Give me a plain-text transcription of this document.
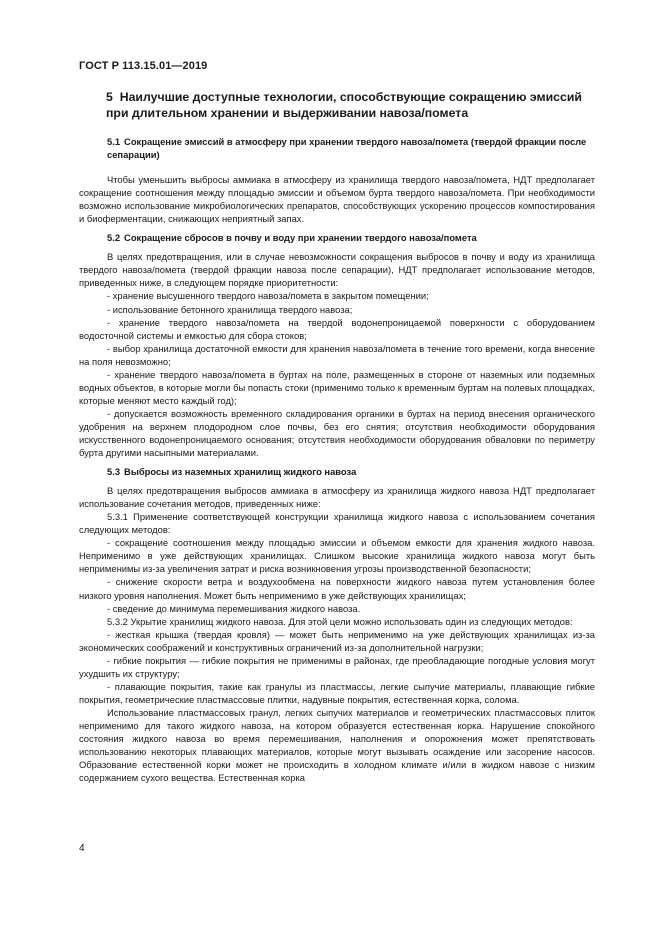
ГОСТ Р 113.15.01—2019
5 Наилучшие доступные технологии, способствующие сокращению эмиссий при длительном хранении и выдерживании навоза/помета
5.1 Сокращение эмиссий в атмосферу при хранении твердого навоза/помета (твердой фракции после сепарации)

Чтобы уменьшить выбросы аммиака в атмосферу из хранилища твердого навоза/помета, НДТ предполагает сокращение соотношения между площадью эмиссии и объемом бурта твердого навоза/помета. При необходимости возможно использование микробиологических препаратов, способствующих ускорению процессов компостирования и биоферментации, снижающих неприятный запах.

5.2 Сокращение сбросов в почву и воду при хранении твердого навоза/помета

В целях предотвращения, или в случае невозможности сокращения выбросов в почву и воду из хранилища твердого навоза/помета (твердой фракции навоза после сепарации), НДТ предполагает использование методов, приведенных ниже, в следующем порядке приоритетности:

- хранение высушенного твердого навоза/помета в закрытом помещении;

- использование бетонного хранилища твердого навоза;

- хранение твердого навоза/помета на твердой водонепроницаемой поверхности с оборудованием водосточной системы и емкостью для сбора стоков;

- выбор хранилища достаточной емкости для хранения навоза/помета в течение того времени, когда внесение на поля невозможно;

- хранение твердого навоза/помета в буртах на поле, размещенных в стороне от наземных или подземных водных объектов, в которые могли бы попасть стоки (применимо только к временным буртам на полевых площадках, которые меняют место каждый год);

- допускается возможность временного складирования органики в буртах на период внесения органического удобрения на верхнем плодородном слое почвы, без его снятия; отсутствия необходимости оборудования искусственного водонепроницаемого основания; отсутствия необходимости оборудования обваловки по периметру бурта другими насыпными материалами.

5.3 Выбросы из наземных хранилищ жидкого навоза

В целях предотвращения выбросов аммиака в атмосферу из хранилища жидкого навоза НДТ предполагает использование сочетания методов, приведенных ниже:

5.3.1 Применение соответствующей конструкции хранилища жидкого навоза с использованием сочетания следующих методов:

- сокращение соотношения между площадью эмиссии и объемом емкости для хранения жидкого навоза. Неприменимо в уже действующих хранилищах. Слишком высокие хранилища жидкого навоза могут быть неприменимы из-за увеличения затрат и риска возникновения угрозы производственной безопасности;

- снижение скорости ветра и воздухообмена на поверхности жидкого навоза путем установления более низкого уровня наполнения. Может быть неприменимо в уже действующих хранилищах;

- сведение до минимума перемешивания жидкого навоза.

5.3.2 Укрытие хранилищ жидкого навоза. Для этой цели можно использовать один из следующих методов:

- жесткая крышка (твердая кровля) — может быть неприменимо на уже действующих хранилищах из-за экономических соображений и конструктивных ограничений из-за дополнительной нагрузки;

- гибкие покрытия — гибкие покрытия не применимы в районах, где преобладающие погодные условия могут ухудшить их структуру;

- плавающие покрытия, такие как гранулы из пластмассы, легкие сыпучие материалы, плавающие гибкие покрытия, геометрические пластмассовые плитки, надувные покрытия, естественная корка, солома.

Использование пластмассовых гранул, легких сыпучих материалов и геометрических пластмассовых плиток неприменимо для такого жидкого навоза, на котором образуется естественная корка. Нарушение спокойного состояния жидкого навоза во время перемешивания, наполнения и опорожнения может препятствовать использованию некоторых плавающих материалов, которые могут вызывать осаждение или засорение насосов. Образование естественной корки может не происходить в холодном климате и/или в жидком навозе с низким содержанием сухого вещества. Естественная корка

4
